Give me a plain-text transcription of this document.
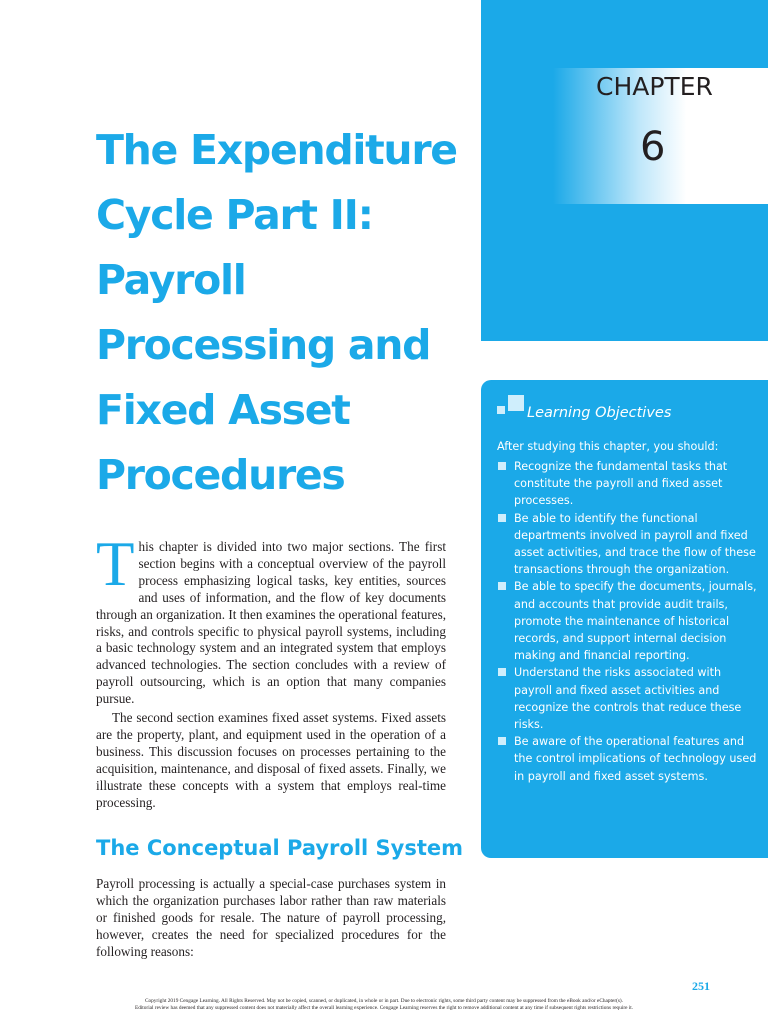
CHAPTER
6
The Expenditure
Cycle Part II:
Payroll
Processing and
Fixed Asset
Procedures

This chapter is divided into two major sections. The first section begins with a conceptual overview of the payroll process emphasizing logical tasks, key entities, sources and uses of information, and the flow of key documents through an organization. It then examines the operational features, risks, and controls specific to physical payroll systems, including a basic technology system and an integrated system that employs advanced technologies. The section concludes with a review of payroll outsourcing, which is an option that many companies pursue.

The second section examines fixed asset systems. Fixed assets are the property, plant, and equipment used in the operation of a business. This discussion focuses on processes pertaining to the acquisition, maintenance, and disposal of fixed assets. Finally, we illustrate these concepts with a system that employs real-time processing.

The Conceptual Payroll System

Payroll processing is actually a special-case purchases system in which the organization purchases labor rather than raw materials or finished goods for resale. The nature of payroll processing, however, creates the need for specialized procedures for the following reasons:

Learning Objectives
After studying this chapter, you should:
Recognize the fundamental tasks that constitute the payroll and fixed asset processes.
Be able to identify the functional departments involved in payroll and fixed asset activities, and trace the flow of these transactions through the organization.
Be able to specify the documents, journals, and accounts that provide audit trails, promote the maintenance of historical records, and support internal decision making and financial reporting.
Understand the risks associated with payroll and fixed asset activities and recognize the controls that reduce these risks.
Be aware of the operational features and the control implications of technology used in payroll and fixed asset systems.
251
Copyright 2019 Cengage Learning. All Rights Reserved. May not be copied, scanned, or duplicated, in whole or in part. Due to electronic rights, some third party content may be suppressed from the eBook and/or eChapter(s).
Editorial review has deemed that any suppressed content does not materially affect the overall learning experience. Cengage Learning reserves the right to remove additional content at any time if subsequent rights restrictions require it.
